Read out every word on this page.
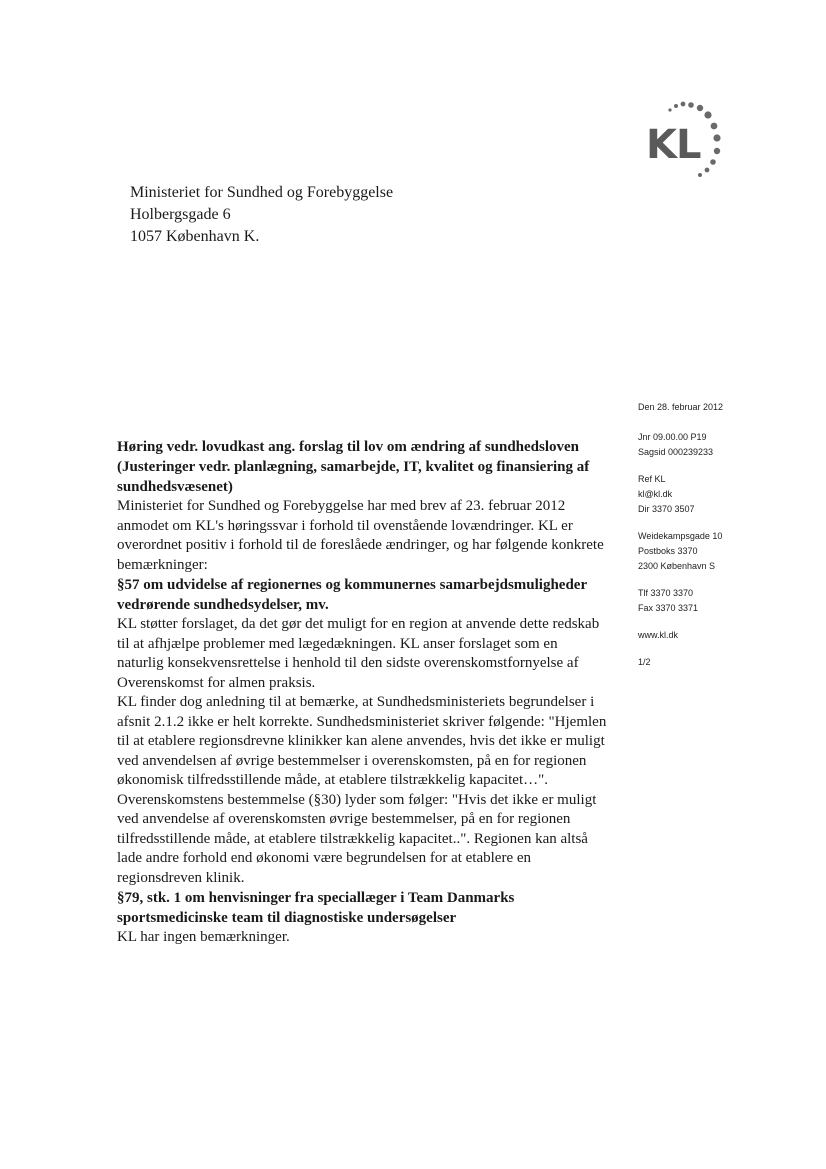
KL
Ministeriet for Sundhed og Forebyggelse
Holbergsgade 6
1057 København K.
Den 28. februar 2012
Jnr 09.00.00 P19
Sagsid 000239233
Ref KL
kl@kl.dk
Dir 3370 3507
Weidekampsgade 10
Postboks 3370
2300 København S
Tlf 3370 3370
Fax 3370 3371
www.kl.dk
1/2
Høring vedr. lovudkast ang. forslag til lov om ændring af sundhedsloven (Justeringer vedr. planlægning, samarbejde, IT, kvalitet og finansiering af sundhedsvæsenet)

Ministeriet for Sundhed og Forebyggelse har med brev af 23. februar 2012 anmodet om KL's høringssvar i forhold til ovenstående lovændringer. KL er overordnet positiv i forhold til de foreslåede ændringer, og har følgende konkrete bemærkninger:

§57 om udvidelse af regionernes og kommunernes samarbejdsmuligheder vedrørende sundhedsydelser, mv.

KL støtter forslaget, da det gør det muligt for en region at anvende dette redskab til at afhjælpe problemer med lægedækningen. KL anser forslaget som en naturlig konsekvensrettelse i henhold til den sidste overenskomstfornyelse af Overenskomst for almen praksis.

KL finder dog anledning til at bemærke, at Sundhedsministeriets begrundelser i afsnit 2.1.2 ikke er helt korrekte. Sundhedsministeriet skriver følgende: "Hjemlen til at etablere regionsdrevne klinikker kan alene anvendes, hvis det ikke er muligt ved anvendelsen af øvrige bestemmelser i overenskomsten, på en for regionen økonomisk tilfredsstillende måde, at etablere tilstrækkelig kapacitet…". Overenskomstens bestemmelse (§30) lyder som følger: "Hvis det ikke er muligt ved anvendelse af overenskomsten øvrige bestemmelser, på en for regionen tilfredsstillende måde, at etablere tilstrækkelig kapacitet..". Regionen kan altså lade andre forhold end økonomi være begrundelsen for at etablere en regionsdreven klinik.

§79, stk. 1 om henvisninger fra speciallæger i Team Danmarks sportsmedicinske team til diagnostiske undersøgelser

KL har ingen bemærkninger.
